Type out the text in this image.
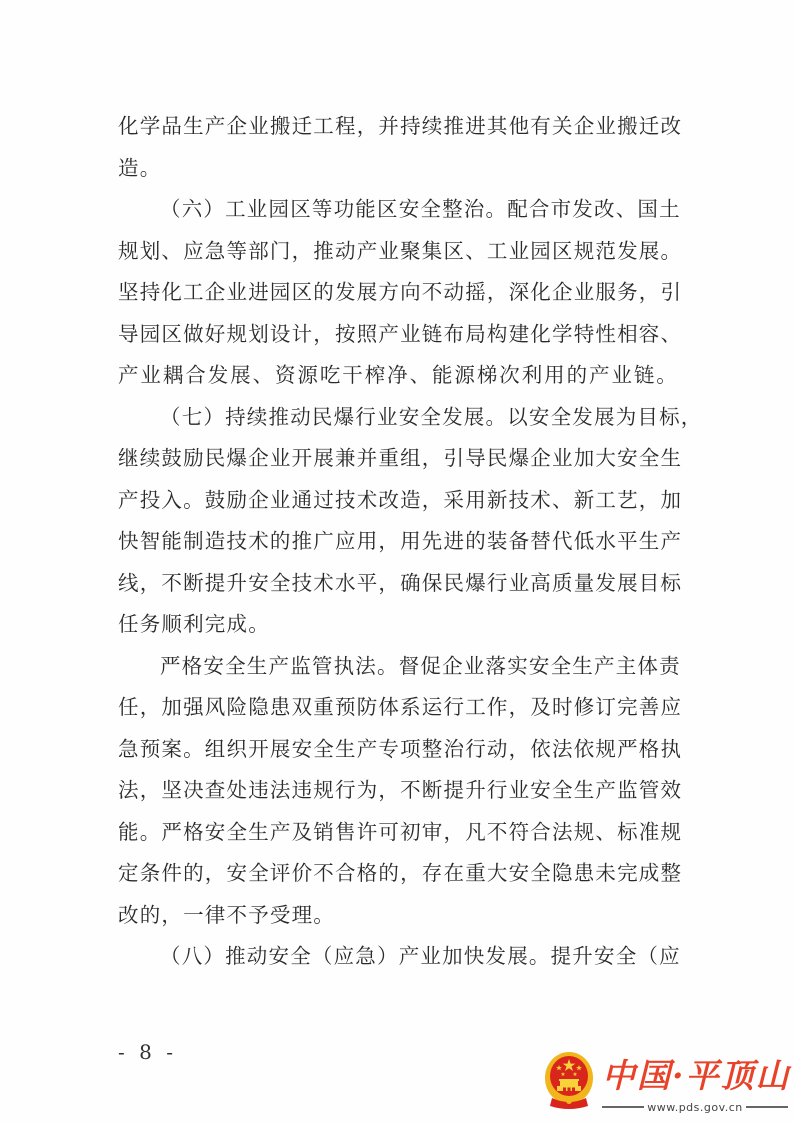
化学品生产企业搬迁工程，并持续推进其他有关企业搬迁改
造。
（六）工业园区等功能区安全整治。配合市发改、国土
规划、应急等部门，推动产业聚集区、工业园区规范发展。
坚持化工企业进园区的发展方向不动摇，深化企业服务，引
导园区做好规划设计，按照产业链布局构建化学特性相容、
产业耦合发展、资源吃干榨净、能源梯次利用的产业链。
（七）持续推动民爆行业安全发展。以安全发展为目标，
继续鼓励民爆企业开展兼并重组，引导民爆企业加大安全生
产投入。鼓励企业通过技术改造，采用新技术、新工艺，加
快智能制造技术的推广应用，用先进的装备替代低水平生产
线，不断提升安全技术水平，确保民爆行业高质量发展目标
任务顺利完成。
严格安全生产监管执法。督促企业落实安全生产主体责
任，加强风险隐患双重预防体系运行工作，及时修订完善应
急预案。组织开展安全生产专项整治行动，依法依规严格执
法，坚决查处违法违规行为，不断提升行业安全生产监管效
能。严格安全生产及销售许可初审，凡不符合法规、标准规
定条件的，安全评价不合格的，存在重大安全隐患未完成整
改的，一律不予受理。
（八）推动安全（应急）产业加快发展。提升安全（应
- 8 -
中国·平顶山
www.pds.gov.cn
